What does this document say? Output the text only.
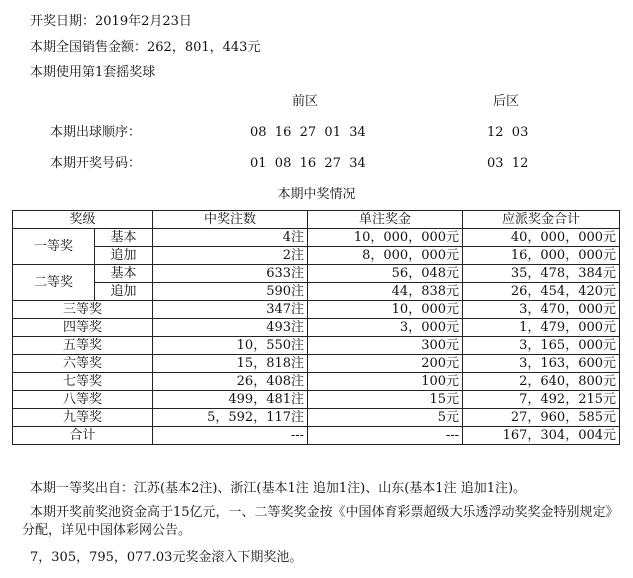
开奖日期：2019年2月23日
本期全国销售金额：262，801，443元
本期使用第1套摇奖球
前区	后区
本期出球顺序：	08  16  27  01  34	12  03
本期开奖号码：	01  08  16  27  34	03  12
本期中奖情况
奖级		中奖注数	单注奖金	应派奖金合计
一等奖	基本	4注	10，000，000元	40，000，000元
	追加	2注	8，000，000元	16，000，000元
二等奖	基本	633注	56，048元	35，478，384元
	追加	590注	44，838元	26，454，420元
三等奖		347注	10，000元	3，470，000元
四等奖		493注	3，000元	1，479，000元
五等奖		10，550注	300元	3，165，000元
六等奖		15，818注	200元	3，163，600元
七等奖		26，408注	100元	2，640，800元
八等奖		499，481注	15元	7，492，215元
九等奖		5，592，117注	5元	27，960，585元
合计		---	---	167，304，004元
本期一等奖出自：江苏(基本2注)、浙江(基本1注 追加1注)、山东(基本1注 追加1注)。
本期开奖前奖池资金高于15亿元，一、二等奖奖金按《中国体育彩票超级大乐透浮动奖奖金特别规定》分配，详见中国体彩网公告。
7，305，795，077.03元奖金滚入下期奖池。
